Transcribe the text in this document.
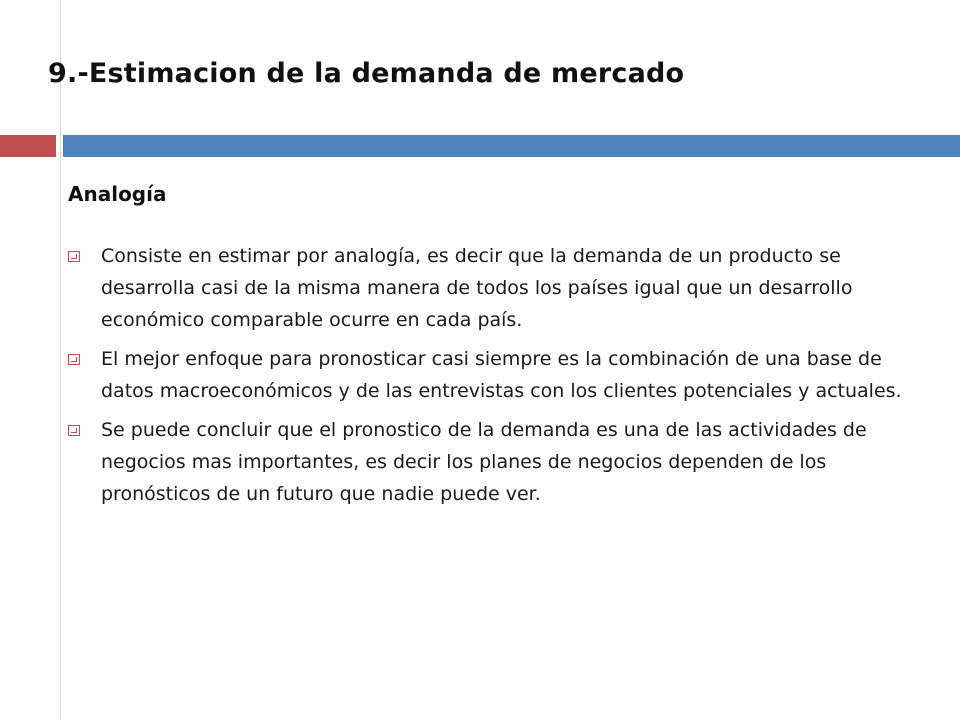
9.-Estimacion de la demanda de mercado
Analogía
Consiste en estimar por analogía, es decir que la demanda de un producto se desarrolla casi de la misma manera de todos los países igual que un desarrollo económico comparable ocurre en cada país.
El mejor enfoque para pronosticar casi siempre es la combinación de una base de datos macroeconómicos y de las entrevistas con los clientes potenciales y actuales.
Se puede concluir que el pronostico de la demanda es una de las actividades de negocios mas importantes, es decir los planes de negocios dependen de los pronósticos de un futuro que nadie puede ver.
